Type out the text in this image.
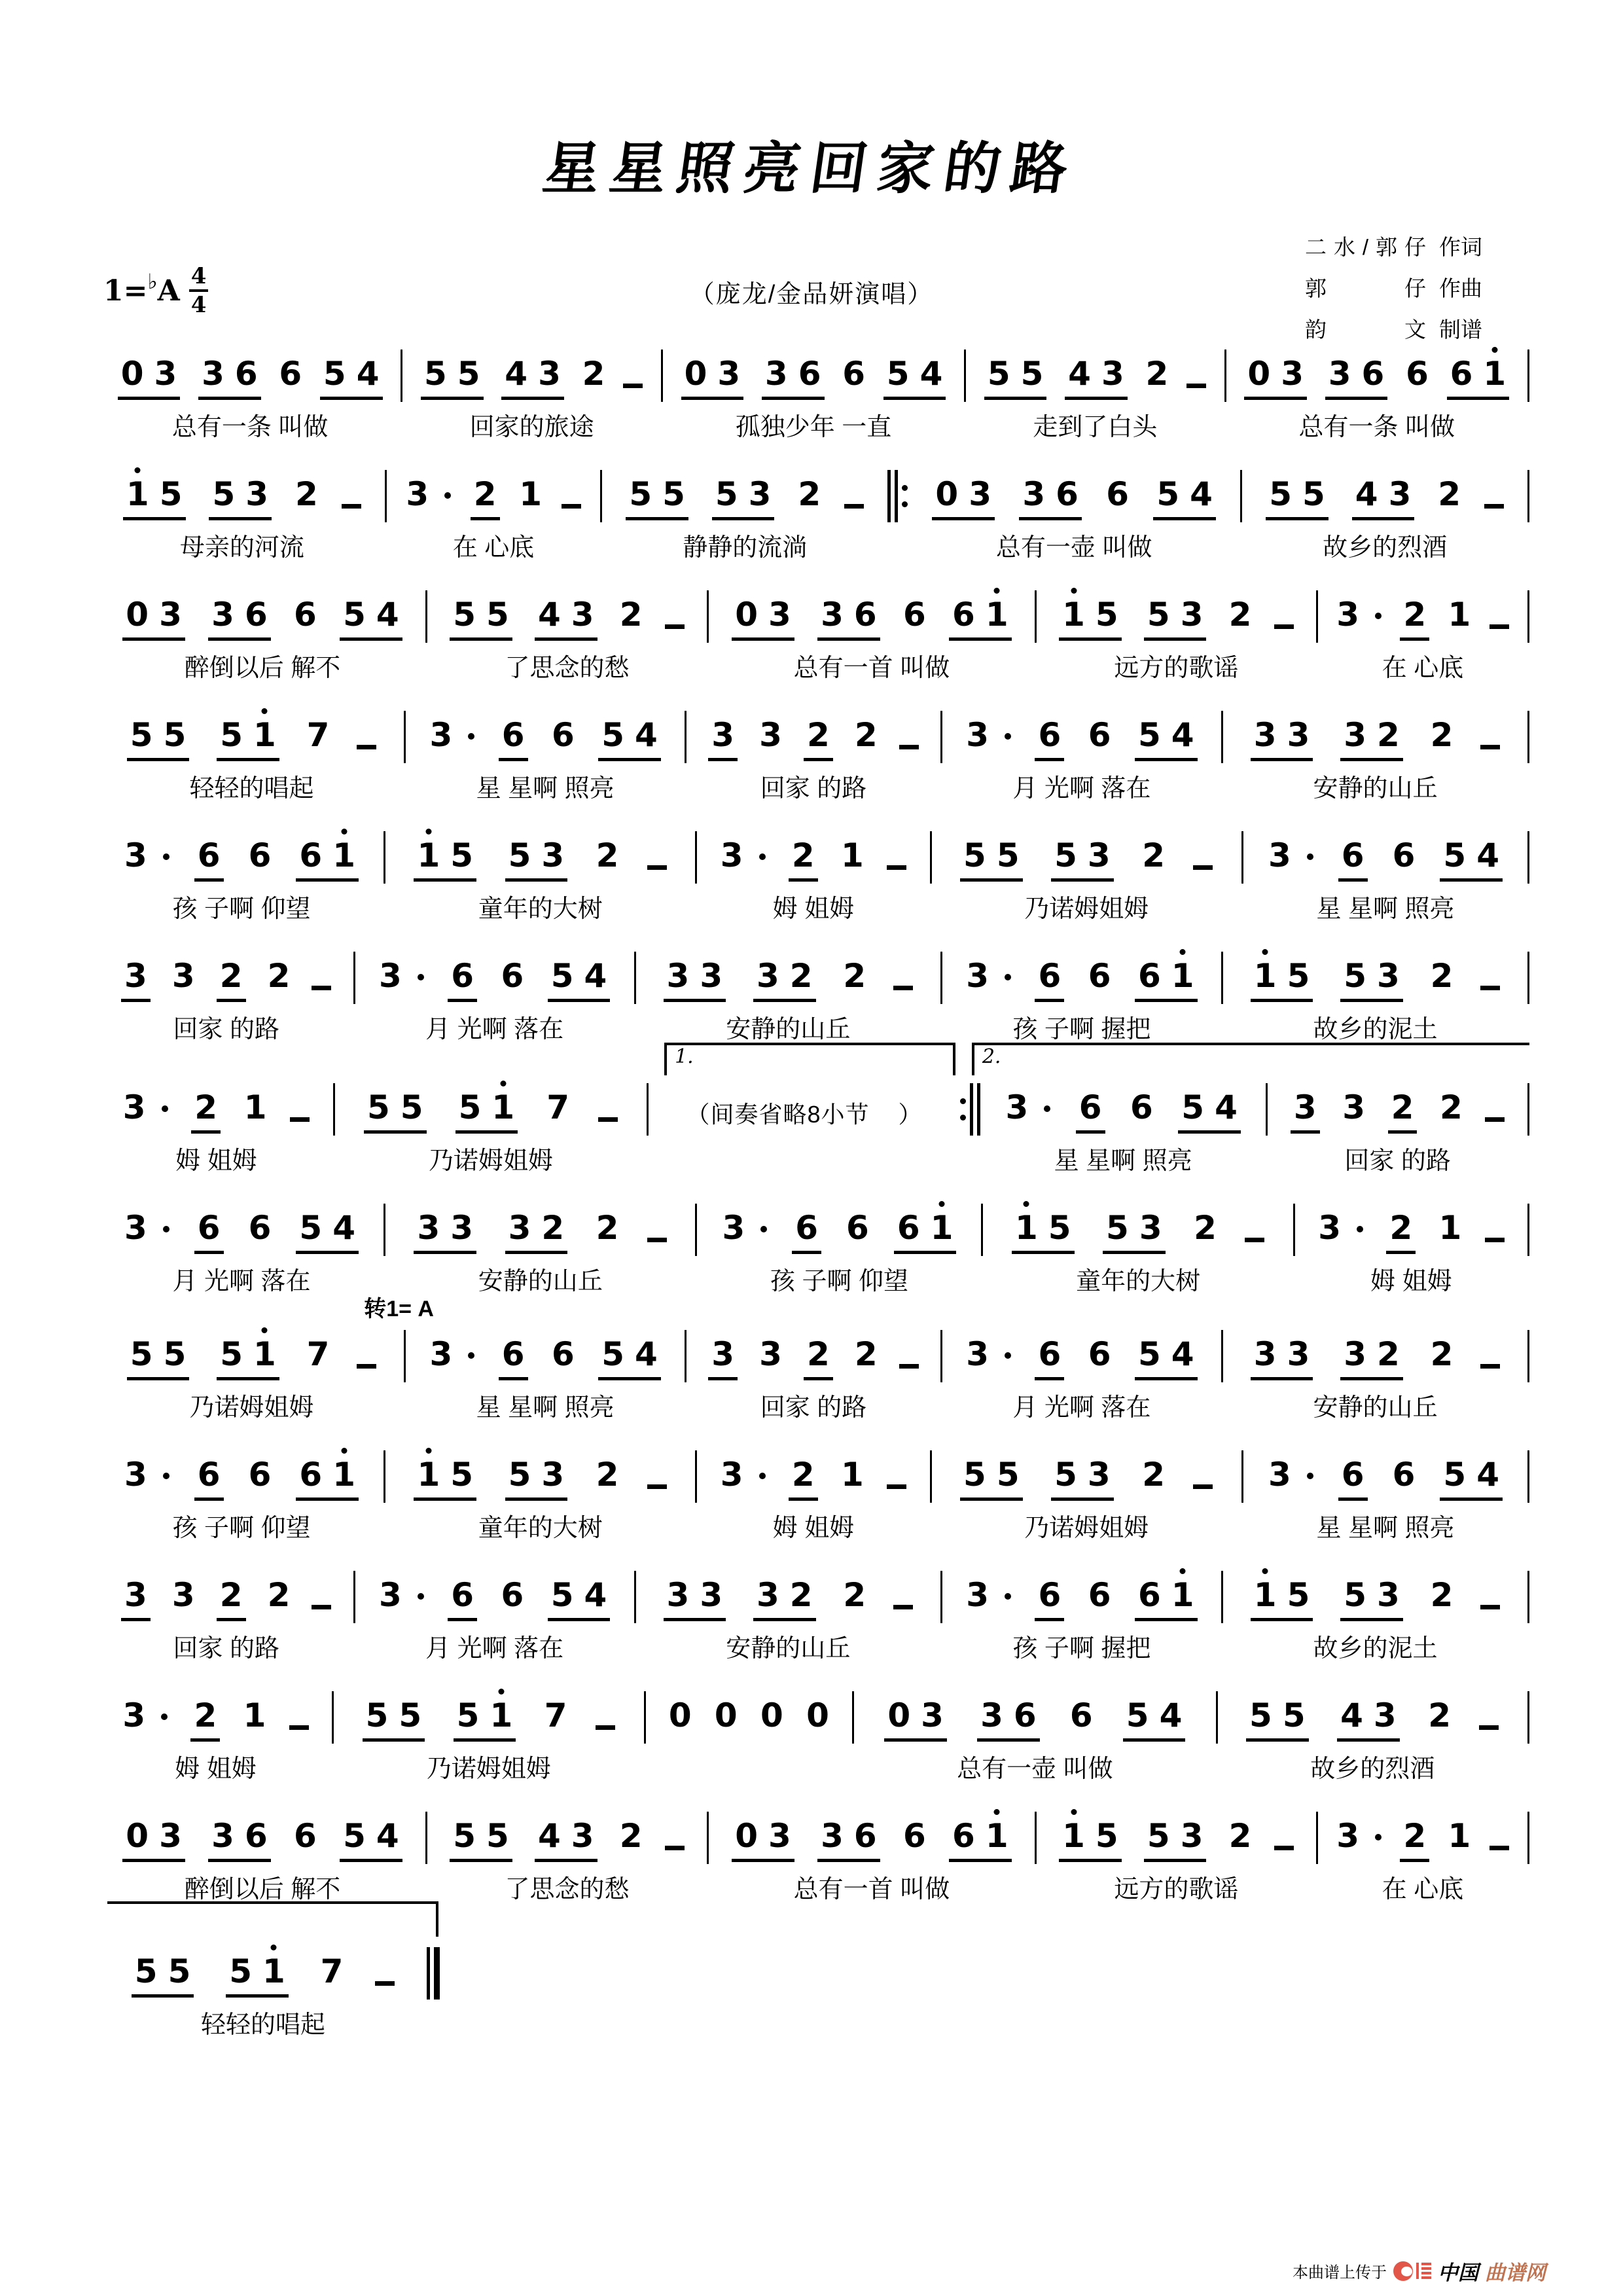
星星照亮回家的路
二水/郭仔 作词
郭仔 作曲
韵文 制谱
1= ♭ A $\frac{4}{4}$	（庞龙/金品妍演唱）
0 3 3 6 6 5 4
总有一条 叫做
5 5 4 3 2
回家的旅途
0 3 3 6 6 5 4
孤独少年 一直
5 5 4 3 2
走到了白头
0 3 3 6 6 6 1
总有一条 叫做
1 5 5 3 2
母亲的河流
3 2 1
在 心底
5 5 5 3 2
静静的流淌
0 3 3 6 6 5 4
总有一壶 叫做
5 5 4 3 2
故乡的烈酒
0 3 3 6 6 5 4
醉倒以后 解不
5 5 4 3 2
了思念的愁
0 3 3 6 6 6 1
总有一首 叫做
1 5 5 3 2
远方的歌谣
3 2 1
在 心底
5 5 5 1 7
轻轻的唱起
3 6 6 5 4
星 星啊 照亮
3 3 2 2
回家 的路
3 6 6 5 4
月 光啊 落在
3 3 3 2 2
安静的山丘
3 6 6 6 1
孩 子啊 仰望
1 5 5 3 2
童年的大树
3 2 1
姆 姐姆
5 5 5 3 2
乃诺姆姐姆
3 6 6 5 4
星 星啊 照亮
3 3 2 2
回家 的路
3 6 6 5 4
月 光啊 落在
3 3 3 2 2
安静的山丘
3 6 6 6 1
孩 子啊 握把
1 5 5 3 2
故乡的泥土
1.	2.
3 2 1
姆 姐姆
5 5 5 1 7
乃诺姆姐姆
（间奏省略8小节    ）	3 6 6 5 4
星 星啊 照亮
3 3 2 2
回家 的路
3 6 6 5 4
月 光啊 落在
3 3 3 2 2
安静的山丘
3 6 6 6 1
孩 子啊 仰望
1 5 5 3 2
童年的大树
3 2 1
姆 姐姆
转1= A
5 5 5 1 7
乃诺姆姐姆
3 6 6 5 4
星 星啊 照亮
3 3 2 2
回家 的路
3 6 6 5 4
月 光啊 落在
3 3 3 2 2
安静的山丘
3 6 6 6 1
孩 子啊 仰望
1 5 5 3 2
童年的大树
3 2 1
姆 姐姆
5 5 5 3 2
乃诺姆姐姆
3 6 6 5 4
星 星啊 照亮
3 3 2 2
回家 的路
3 6 6 5 4
月 光啊 落在
3 3 3 2 2
安静的山丘
3 6 6 6 1
孩 子啊 握把
1 5 5 3 2
故乡的泥土
3 2 1
姆 姐姆
5 5 5 1 7
乃诺姆姐姆
0 0 0 0 0 3 3 6 6 5 4
总有一壶 叫做
5 5 4 3 2
故乡的烈酒
0 3 3 6 6 5 4
醉倒以后 解不
5 5 4 3 2
了思念的愁
0 3 3 6 6 6 1
总有一首 叫做
1 5 5 3 2
远方的歌谣
3 2 1
在 心底
5 5 5 1 7
轻轻的唱起
本曲谱上传于	中国 曲谱网
